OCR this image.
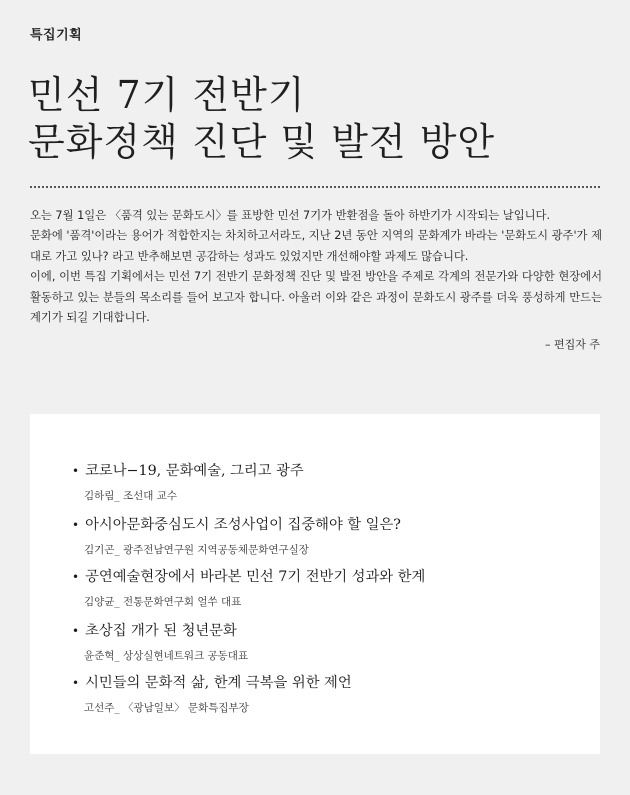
특집기획
민선 7기 전반기
문화정책 진단 및 발전 방안

오는 7월 1일은 〈품격 있는 문화도시〉를 표방한 민선 7기가 반환점을 돌아 하반기가 시작되는 날입니다.

문화에 '품격'이라는 용어가 적합한지는 차치하고서라도, 지난 2년 동안 지역의 문화계가 바라는 '문화도시 광주'가 제대로 가고 있나? 라고 반추해보면 공감하는 성과도 있었지만 개선해야할 과제도 많습니다.

이에, 이번 특집 기획에서는 민선 7기 전반기 문화정책 진단 및 발전 방안을 주제로 각계의 전문가와 다양한 현장에서 활동하고 있는 분들의 목소리를 들어 보고자 합니다. 아울러 이와 같은 과정이 문화도시 광주를 더욱 풍성하게 만드는 계기가 되길 기대합니다.

– 편집자 주
• 코로나−19, 문화예술, 그리고 광주
김하림_ 조선대 교수
• 아시아문화중심도시 조성사업이 집중해야 할 일은?
김기곤_ 광주전남연구원 지역공동체문화연구실장
• 공연예술현장에서 바라본 민선 7기 전반기 성과와 한계
김양균_ 전통문화연구회 얼쑤 대표
• 초상집 개가 된 청년문화
윤준혁_ 상상실현네트워크 공동대표
• 시민들의 문화적 삶, 한계 극복을 위한 제언
고선주_ 〈광남일보〉 문화특집부장
